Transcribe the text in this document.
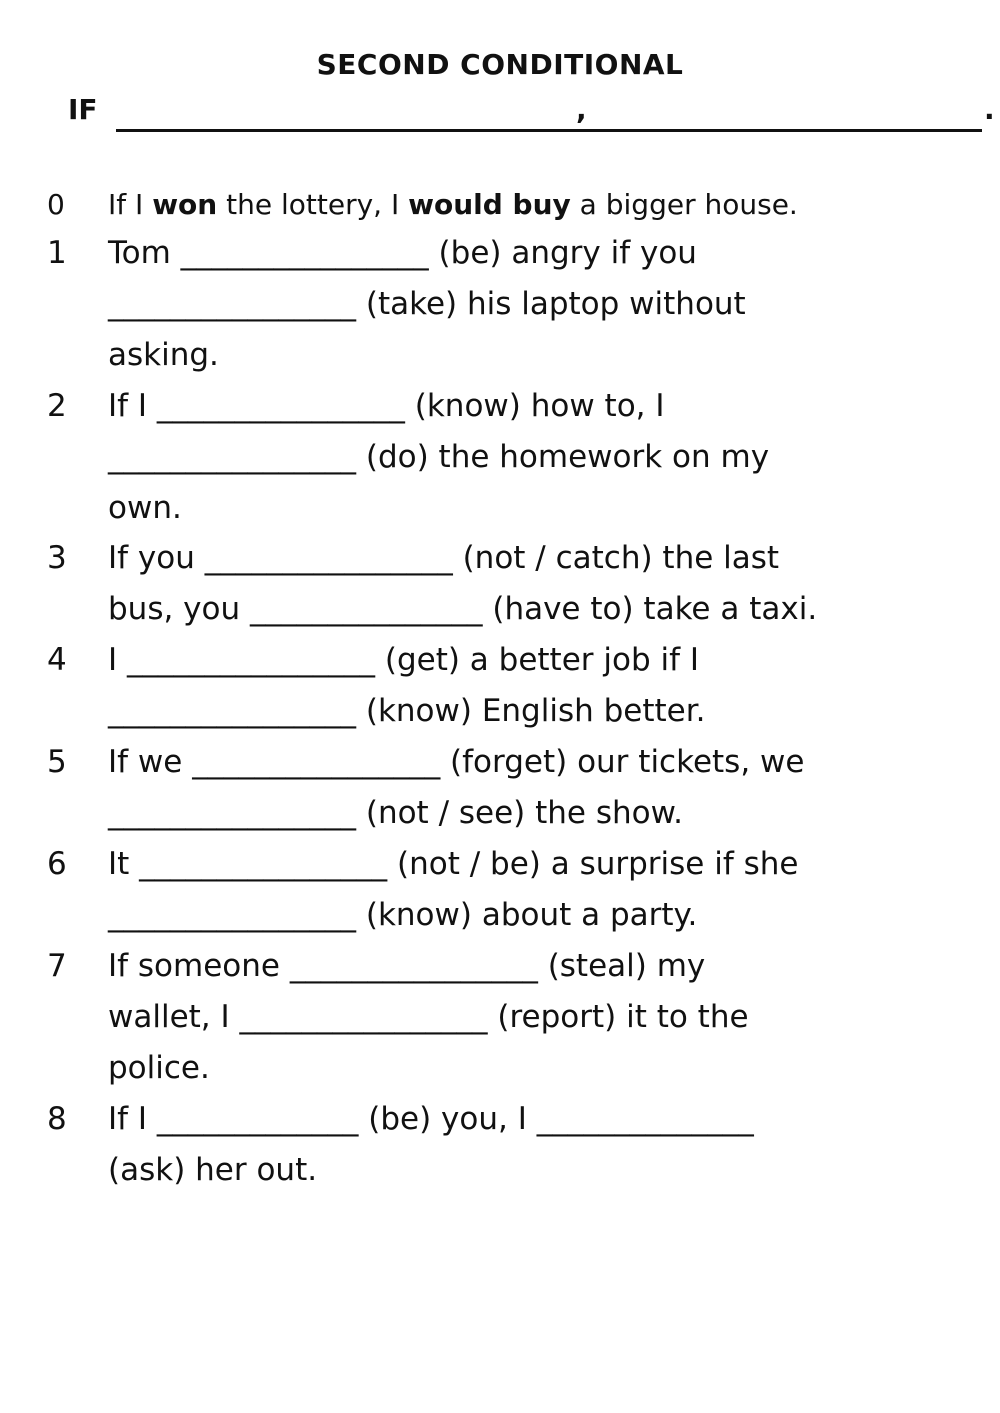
SECOND CONDITIONAL
IF	,	.
0 If I won the lottery, I would buy a bigger house.
1 Tom ________________ (be) angry if you
________________ (take) his laptop without
asking.
2 If I ________________ (know) how to, I
________________ (do) the homework on my
own.
3 If you ________________ (not / catch) the last
bus, you _______________ (have to) take a taxi.
4 I ________________ (get) a better job if I
________________ (know) English better.
5 If we ________________ (forget) our tickets, we
________________ (not / see) the show.
6 It ________________ (not / be) a surprise if she
________________ (know) about a party.
7 If someone ________________ (steal) my
wallet, I ________________ (report) it to the
police.
8 If I _____________ (be) you, I ______________
(ask) her out.
